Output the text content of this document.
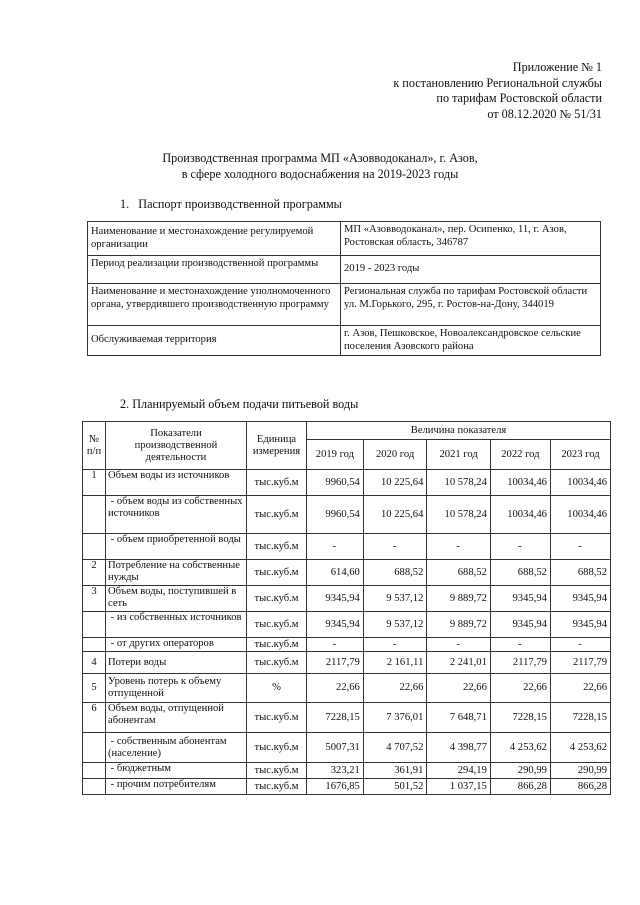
Приложение № 1
к постановлению Региональной службы
по тарифам Ростовской области
от 08.12.2020 № 51/31
Производственная программа МП «Азовводоканал», г. Азов,
в сфере холодного водоснабжения на 2019-2023 годы
1.   Паспорт производственной программы
Наименование и местонахождение регулируемой организации	МП «Азовводоканал», пер. Осипенко, 11, г. Азов, Ростовская область, 346787
Период реализации производственной программы	2019 - 2023 годы
Наименование и местонахождение уполномоченного органа, утвердившего производственную программу	Региональная служба по тарифам Ростовской области
ул. М.Горького, 295, г. Ростов-на-Дону, 344019

Обслуживаемая территория	г. Азов, Пешковское, Новоалександровское сельские поселения Азовского района
2. Планируемый объем подачи питьевой воды
№ п/п	Показатели производственной деятельности	Единица измерения	Величина показателя				
			2019 год	2020 год	2021 год	2022 год	2023 год
1	Объем воды из источников	тыс.куб.м	9960,54	10 225,64	10 578,24	10034,46	10034,46
	- объем воды из собственных источников	тыс.куб.м	9960,54	10 225,64	10 578,24	10034,46	10034,46
	- объем приобретенной воды	тыс.куб.м	-	-	-	-	-
2	Потребление на собственные нужды	тыс.куб.м	614,60	688,52	688,52	688,52	688,52
3	Объем воды, поступившей в сеть	тыс.куб.м	9345,94	9 537,12	9 889,72	9345,94	9345,94
	- из собственных источников	тыс.куб.м	9345,94	9 537,12	9 889,72	9345,94	9345,94
	- от других операторов	тыс.куб.м	-	-	-	-	-
4	Потери воды	тыс.куб.м	2117,79	2 161,11	2 241,01	2117,79	2117,79
5	Уровень потерь к объему отпущенной	%	22,66	22,66	22,66	22,66	22,66
6	Объем воды, отпущенной абонентам	тыс.куб.м	7228,15	7 376,01	7 648,71	7228,15	7228,15
	- собственным абонентам (население)	тыс.куб.м	5007,31	4 707,52	4 398,77	4 253,62	4 253,62
	- бюджетным	тыс.куб.м	323,21	361,91	294,19	290,99	290,99
	- прочим потребителям	тыс.куб.м	1676,85	501,52	1 037,15	866,28	866,28
